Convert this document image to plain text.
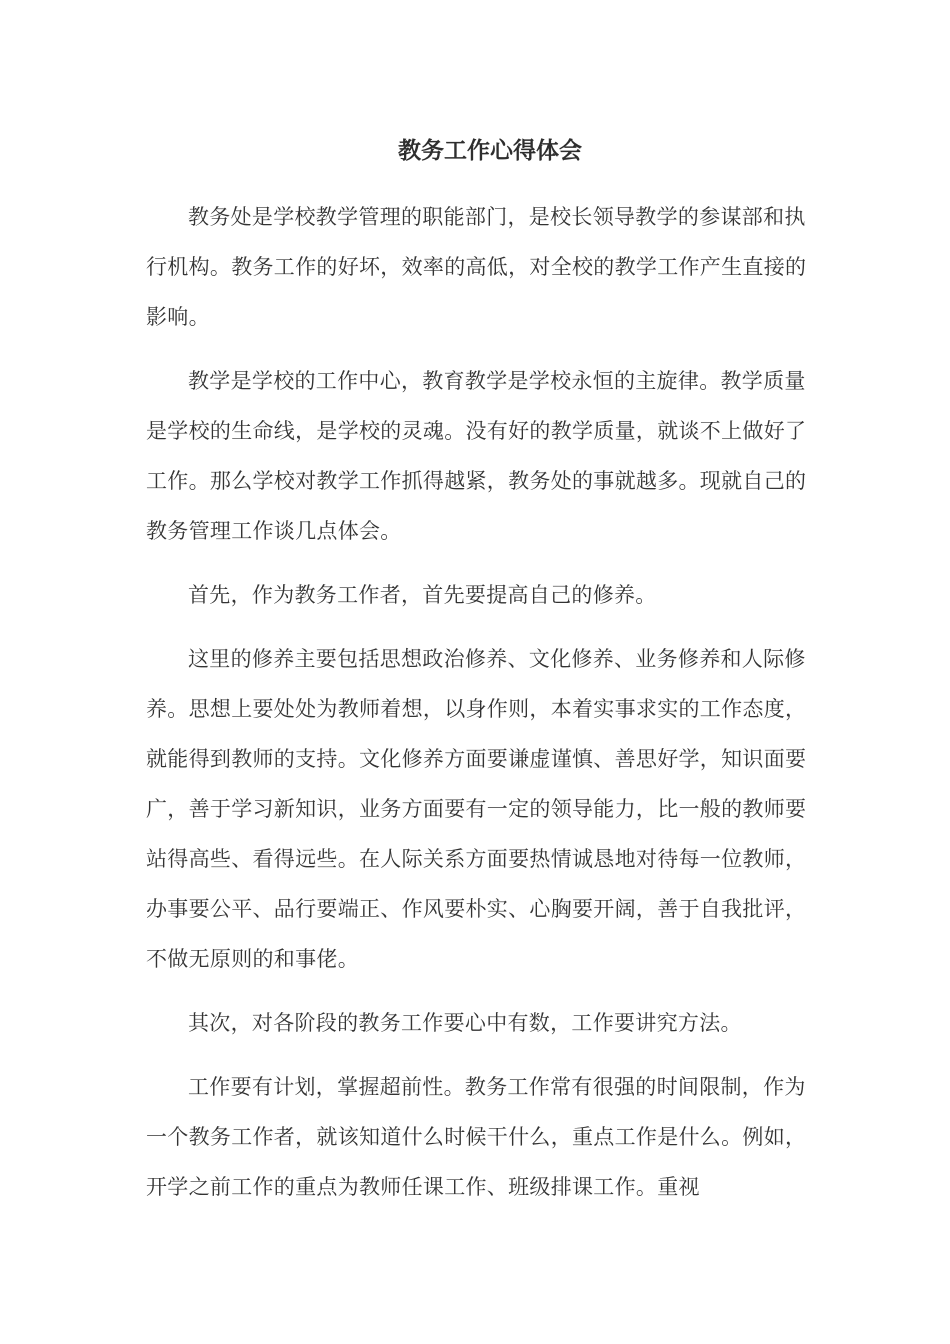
教务工作心得体会

教务处是学校教学管理的职能部门，是校长领导教学的参谋部和执行机构。教务工作的好坏，效率的高低，对全校的教学工作产生直接的影响。

教学是学校的工作中心，教育教学是学校永恒的主旋律。教学质量是学校的生命线，是学校的灵魂。没有好的教学质量，就谈不上做好了工作。那么学校对教学工作抓得越紧，教务处的事就越多。现就自己的教务管理工作谈几点体会。

首先，作为教务工作者，首先要提高自己的修养。

这里的修养主要包括思想政治修养、文化修养、业务修养和人际修养。思想上要处处为教师着想，以身作则，本着实事求实的工作态度，就能得到教师的支持。文化修养方面要谦虚谨慎、善思好学，知识面要广，善于学习新知识，业务方面要有一定的领导能力，比一般的教师要站得高些、看得远些。在人际关系方面要热情诚恳地对待每一位教师，办事要公平、品行要端正、作风要朴实、心胸要开阔，善于自我批评，不做无原则的和事佬。

其次，对各阶段的教务工作要心中有数，工作要讲究方法。

工作要有计划，掌握超前性。教务工作常有很强的时间限制，作为一个教务工作者，就该知道什么时候干什么，重点工作是什么。例如，开学之前工作的重点为教师任课工作、班级排课工作。重视
